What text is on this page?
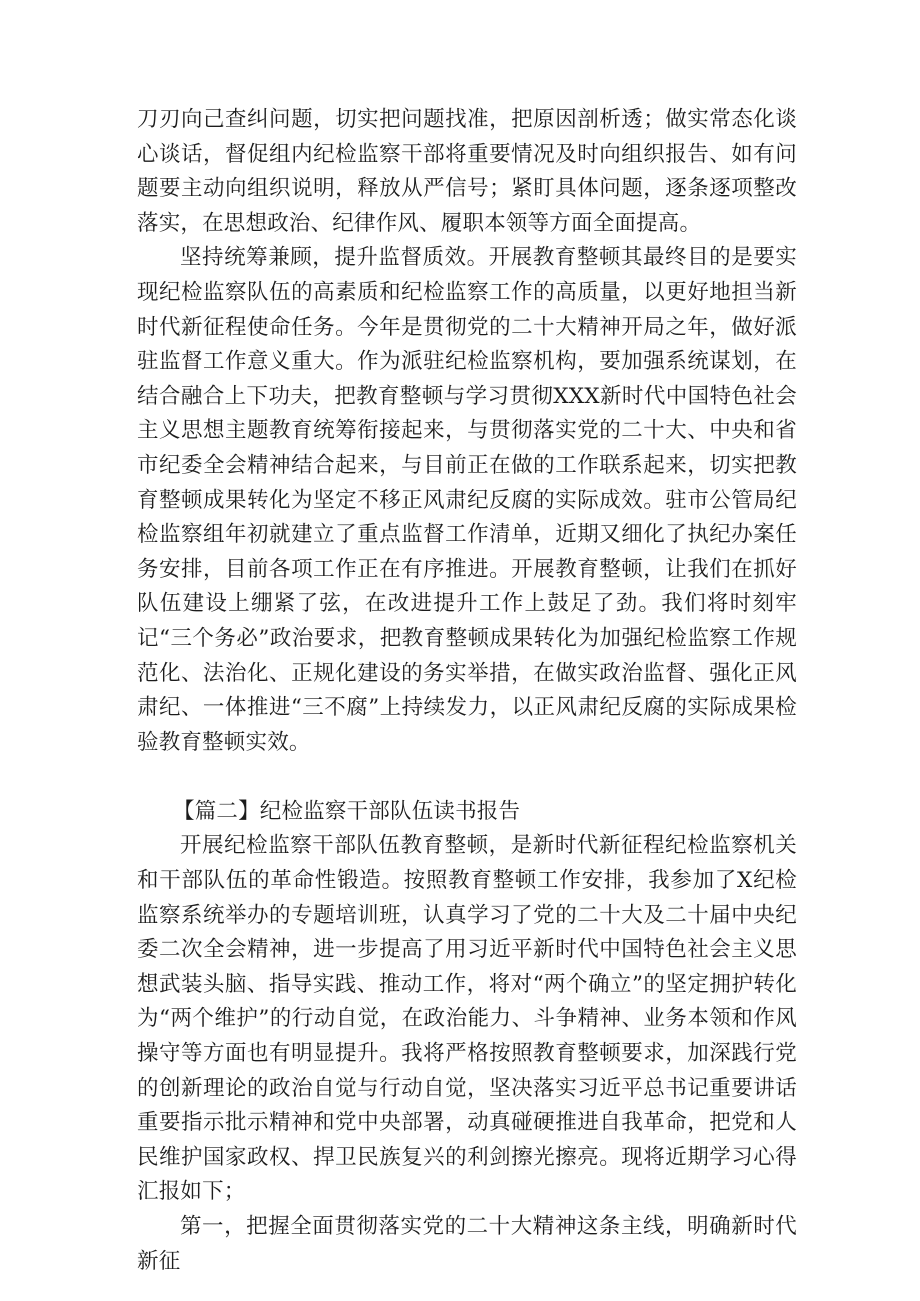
刀刃向己查纠问题，切实把问题找准，把原因剖析透；做实常态化谈心谈话，督促组内纪检监察干部将重要情况及时向组织报告、如有问题要主动向组织说明，释放从严信号；紧盯具体问题，逐条逐项整改落实，在思想政治、纪律作风、履职本领等方面全面提高。

坚持统筹兼顾，提升监督质效。开展教育整顿其最终目的是要实现纪检监察队伍的高素质和纪检监察工作的高质量，以更好地担当新时代新征程使命任务。今年是贯彻党的二十大精神开局之年，做好派驻监督工作意义重大。作为派驻纪检监察机构，要加强系统谋划，在结合融合上下功夫，把教育整顿与学习贯彻XXX新时代中国特色社会主义思想主题教育统筹衔接起来，与贯彻落实党的二十大、中央和省市纪委全会精神结合起来，与目前正在做的工作联系起来，切实把教育整顿成果转化为坚定不移正风肃纪反腐的实际成效。驻市公管局纪检监察组年初就建立了重点监督工作清单，近期又细化了执纪办案任务安排，目前各项工作正在有序推进。开展教育整顿，让我们在抓好队伍建设上绷紧了弦，在改进提升工作上鼓足了劲。我们将时刻牢记“三个务必”政治要求，把教育整顿成果转化为加强纪检监察工作规范化、法治化、正规化建设的务实举措，在做实政治监督、强化正风肃纪、一体推进“三不腐”上持续发力，以正风肃纪反腐的实际成果检验教育整顿实效。

【篇二】纪检监察干部队伍读书报告

开展纪检监察干部队伍教育整顿，是新时代新征程纪检监察机关和干部队伍的革命性锻造。按照教育整顿工作安排，我参加了X纪检监察系统举办的专题培训班，认真学习了党的二十大及二十届中央纪委二次全会精神，进一步提高了用习近平新时代中国特色社会主义思想武装头脑、指导实践、推动工作，将对“两个确立”的坚定拥护转化为“两个维护”的行动自觉，在政治能力、斗争精神、业务本领和作风操守等方面也有明显提升。我将严格按照教育整顿要求，加深践行党的创新理论的政治自觉与行动自觉，坚决落实习近平总书记重要讲话重要指示批示精神和党中央部署，动真碰硬推进自我革命，把党和人民维护国家政权、捍卫民族复兴的利剑擦光擦亮。现将近期学习心得汇报如下；

第一，把握全面贯彻落实党的二十大精神这条主线，明确新时代新征
